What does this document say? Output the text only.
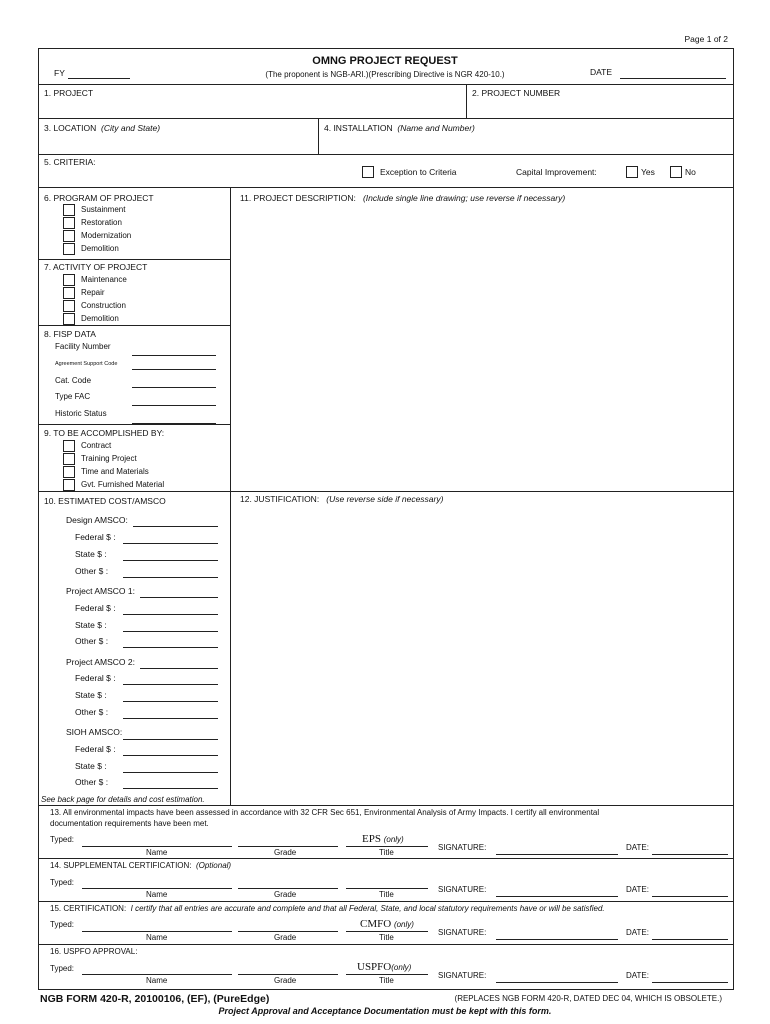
Page 1 of 2
OMNG PROJECT REQUEST
(The proponent is NGB-ARI.)(Prescribing Directive is NGR 420-10.)
FY	DATE
1. PROJECT	2. PROJECT NUMBER
3. LOCATION (City and State)	4. INSTALLATION (Name and Number)
5. CRITERIA:
Exception to Criteria	Capital Improvement:	Yes	No
6. PROGRAM OF PROJECT
Sustainment
Restoration
Modernization
Demolition
7. ACTIVITY OF PROJECT
Maintenance
Repair
Construction
Demolition
8. FISP DATA
Facility Number
Agreement Support Code
Cat. Code
Type FAC
Historic Status
9. TO BE ACCOMPLISHED BY:
Contract
Training Project
Time and Materials
Gvt. Furnished Material
11. PROJECT DESCRIPTION: (Include single line drawing; use reverse if necessary)
12. JUSTIFICATION: (Use reverse side if necessary)
10. ESTIMATED COST/AMSCO
Design AMSCO:
Federal $ :
State $ :
Other $ :
Project AMSCO 1:
Federal $ :
State $ :
Other $ :
Project AMSCO 2:
Federal $ :
State $ :
Other $ :
SIOH AMSCO:
Federal $ :
State $ :
Other $ :
See back page for details and cost estimation.
13. All environmental impacts have been assessed in accordance with 32 CFR Sec 651, Environmental Analysis of Army Impacts. I certify all environmental
documentation requirements have been met.
Typed:	EPS (only)
Name	Grade	Title
SIGNATURE:	DATE:
14. SUPPLEMENTAL CERTIFICATION: (Optional)
Typed:
Name	Grade	Title
SIGNATURE:	DATE:
15. CERTIFICATION: I certify that all entries are accurate and complete and that all Federal, State, and local statutory requirements have or will be satisfied.
Typed:	CMFO (only)
Name	Grade	Title
SIGNATURE:	DATE:
16. USPFO APPROVAL:
Typed:	USPFO(only)
Name	Grade	Title
SIGNATURE:	DATE:
NGB FORM 420-R, 20100106, (EF), (PureEdge)	(REPLACES NGB FORM 420-R, DATED DEC 04, WHICH IS OBSOLETE.)
Project Approval and Acceptance Documentation must be kept with this form.
